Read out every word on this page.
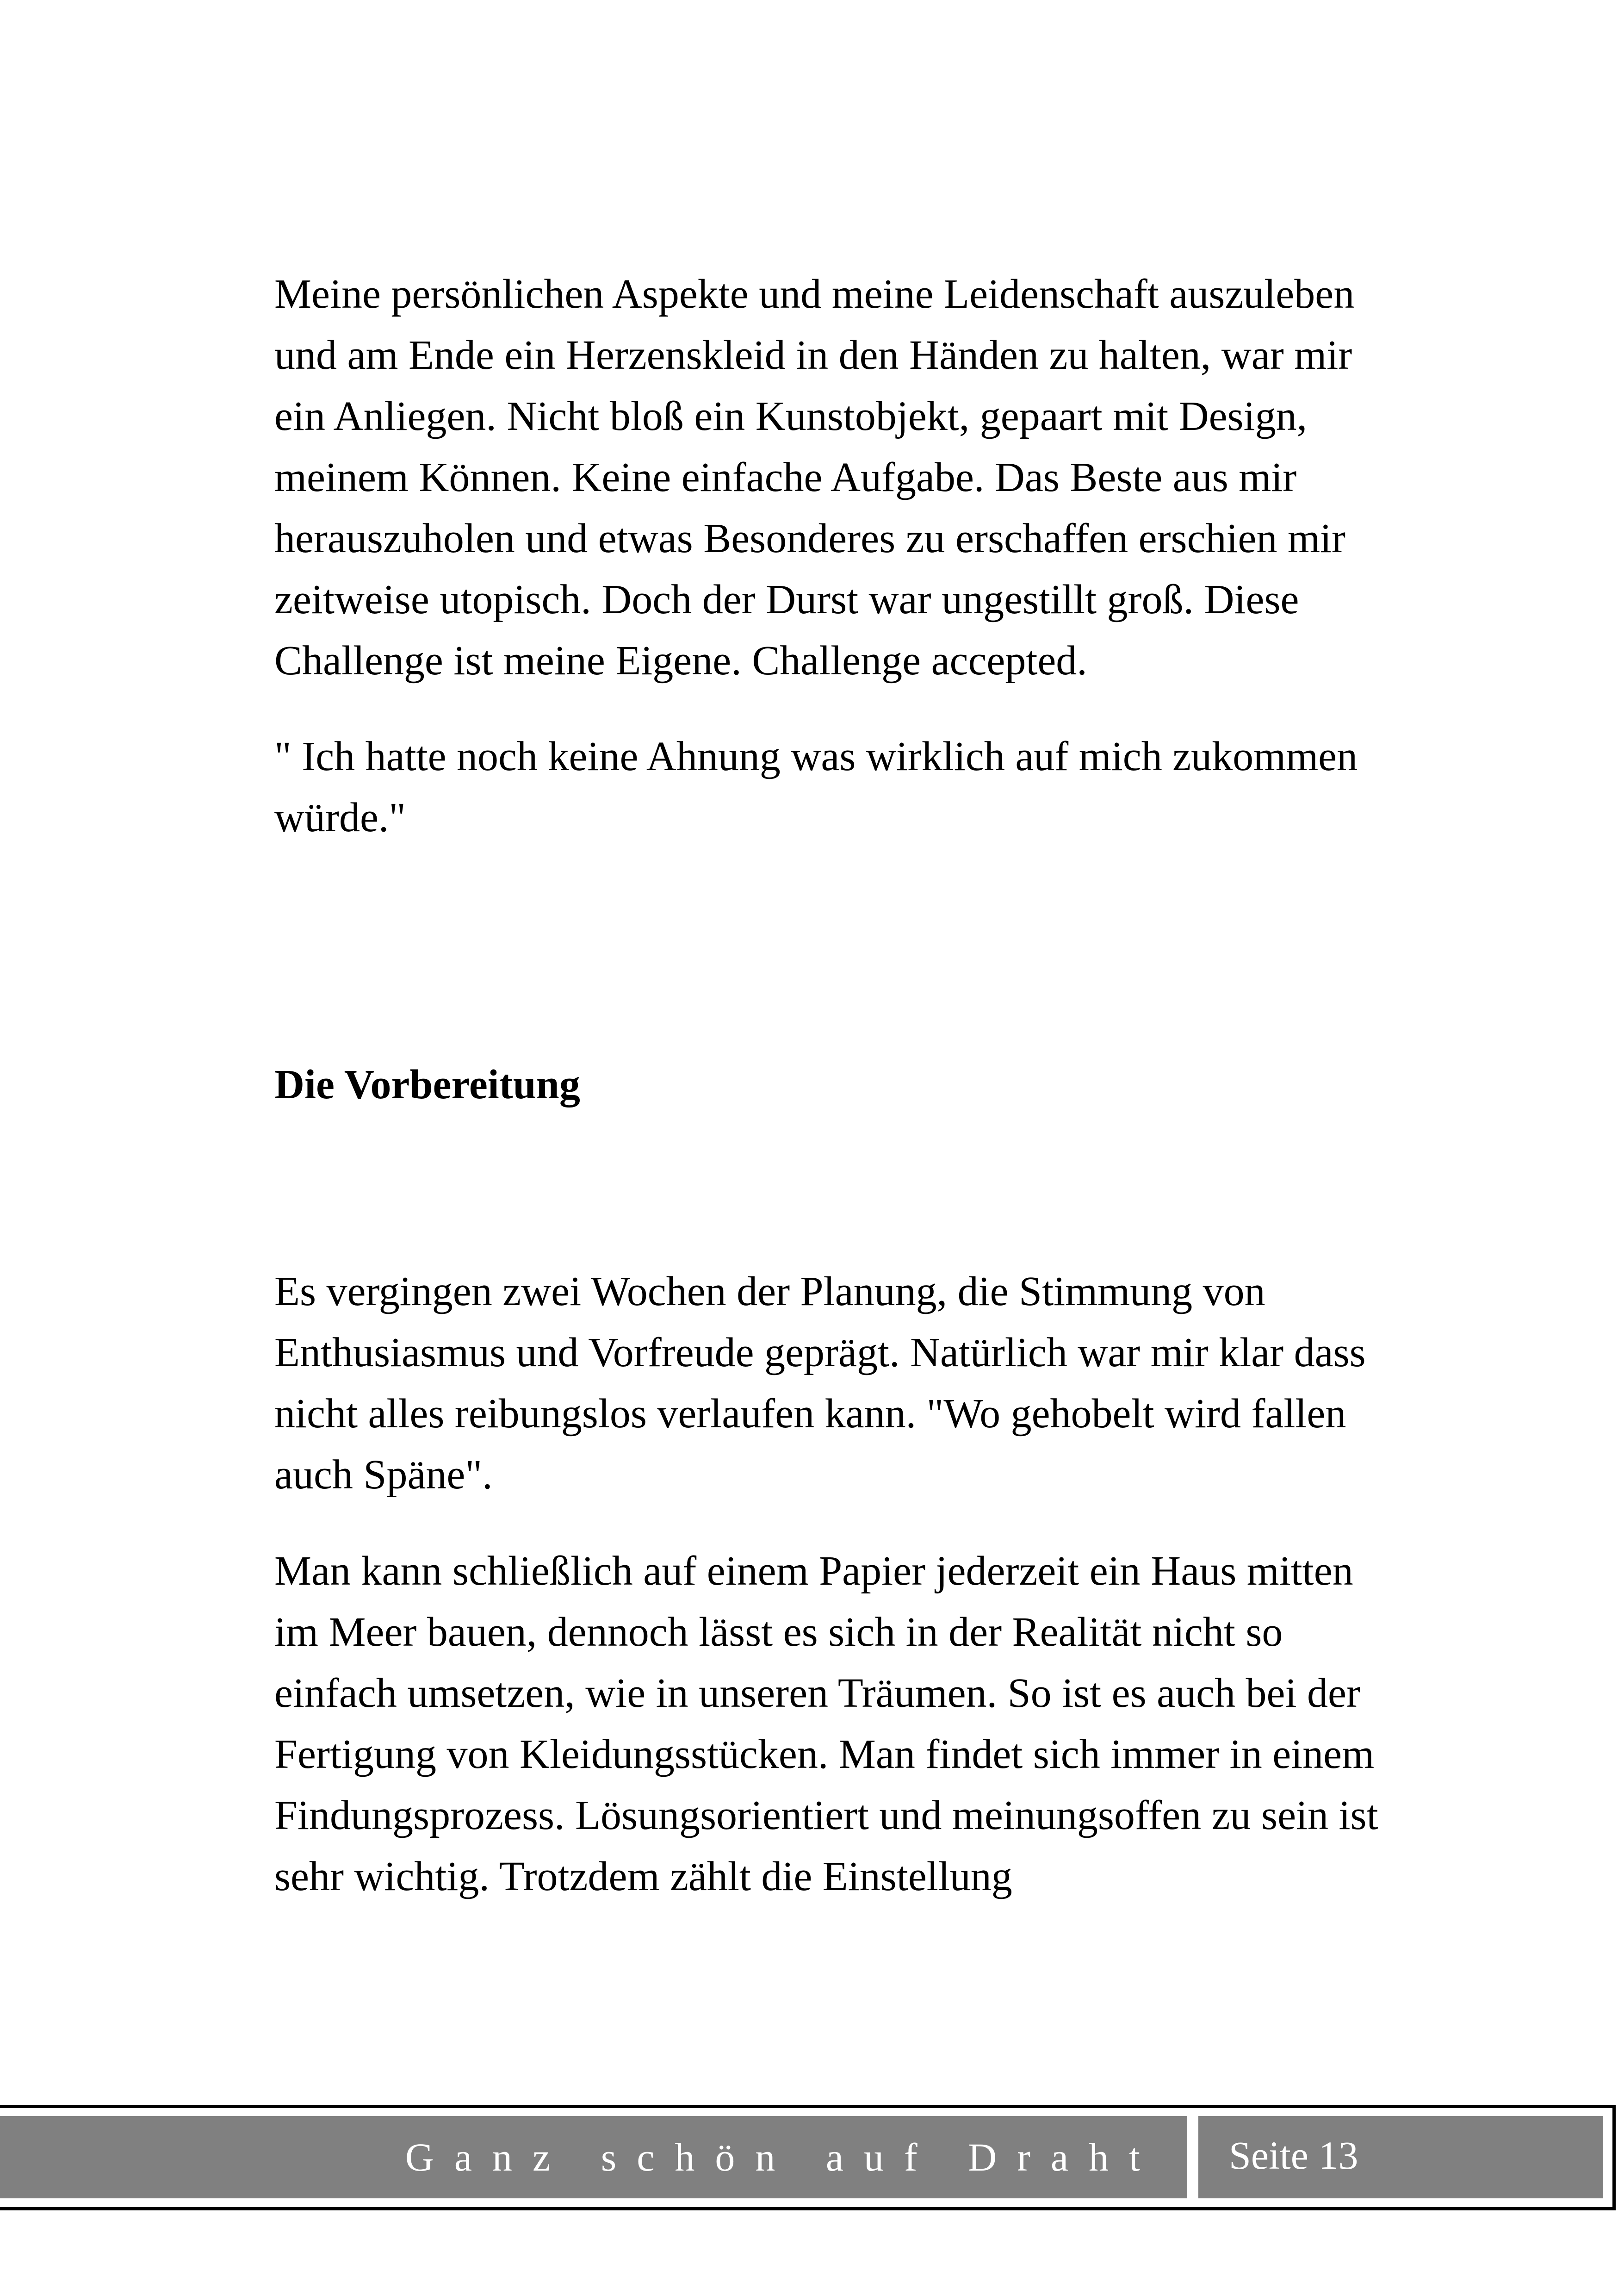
Meine persönlichen Aspekte und meine Leidenschaft auszuleben und am Ende ein Herzenskleid in den Händen zu halten, war mir ein Anliegen. Nicht bloß ein Kunstobjekt, gepaart mit Design, meinem Können. Keine einfache Aufgabe. Das Beste aus mir herauszuholen und etwas Besonderes zu erschaffen erschien mir zeitweise utopisch. Doch der Durst war ungestillt groß. Diese Challenge ist meine Eigene. Challenge accepted.

" Ich hatte noch keine Ahnung was wirklich auf mich zukommen würde."

Die Vorbereitung

Es vergingen zwei Wochen der Planung, die Stimmung von Enthusiasmus und Vorfreude geprägt. Natürlich war mir klar dass nicht alles reibungslos verlaufen kann. "Wo gehobelt wird fallen auch Späne".

Man kann schließlich auf einem Papier jederzeit ein Haus mitten im Meer bauen, dennoch lässt es sich in der Realität nicht so einfach umsetzen, wie in unseren Träumen. So ist es auch bei der Fertigung von Kleidungsstücken. Man findet sich immer in einem Findungsprozess. Lösungsorientiert und meinungsoffen zu sein ist sehr wichtig. Trotzdem zählt die Einstellung

Ganz schön auf Draht	Seite 13
